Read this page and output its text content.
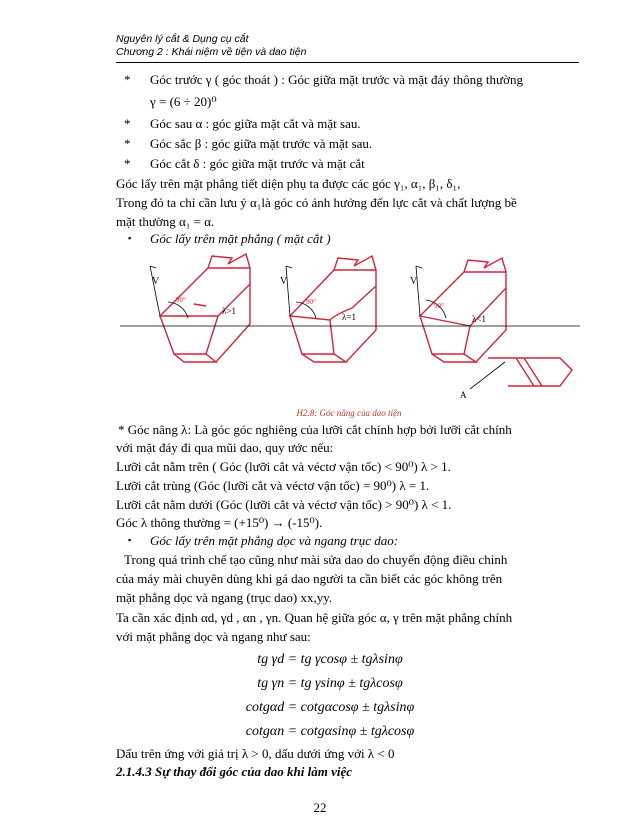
Nguyên lý cắt & Dụng cụ cắt
Chương 2 : Khái niệm về tiện và dao tiện
* Góc trước γ ( góc thoát ) : Góc giữa mặt trước và mặt đáy thông thường
γ = (6 ÷ 20)⁰
* Góc sau α : góc giữa mặt cắt và mặt sau.
* Góc sắc β : góc giữa mặt trước và mặt sau.
* Góc cắt δ : góc giữa mặt trước và mặt cắt
Góc lấy trên mặt phẳng tiết diện phụ ta được các góc γ₁, α₁, β₁, δ₁,
Trong đó ta chỉ cần lưu ý α₁là góc có ảnh hưởng đến lực cắt và chất lượng bề
mặt thường α₁ = α.
▪ Góc lấy trên mặt phẳng ( mặt cắt )
V	V	V
90°	90°	90°
λ>1
λ=1	λ<1
A
H2.8: Góc nâng của dao tiện
* Góc nâng λ: Là góc góc nghiêng của lưỡi cắt chính hợp bởi lưỡi cắt chính
với mặt đáy đi qua mũi dao, quy ước nếu:
Lưỡi cắt nằm trên ( Góc (lưỡi cắt và véctơ vận tốc) < 90⁰) λ > 1.
Lưỡi cắt trùng (Góc (lưỡi cắt và véctơ vận tốc) = 90⁰) λ = 1.
Lưỡi cắt nằm dưới (Góc (lưỡi cắt và véctơ vận tốc) > 90⁰) λ < 1.
Góc λ thông thường = (+15⁰) → (-15⁰).
▪ Góc lấy trên mặt phẳng dọc và ngang trục dao:
Trong quá trình chế tạo cũng như mài sửa dao do chuyển động điều chỉnh
của máy mài chuyên dùng khi gá dao người ta cần biết các góc không trên
mặt phẳng dọc và ngang (trục dao) xx,yy.
Ta cần xác định αd, γd , αn , γn. Quan hệ giữa góc α, γ trên mặt phẳng chính
với mặt phẳng dọc và ngang như sau:
tg γd = tg γcosφ ± tgλsinφ
tg γn = tg γsinφ ± tgλcosφ
cotgαd = cotgαcosφ ± tgλsinφ
cotgαn = cotgαsinφ ± tgλcosφ
Dấu trên ứng với giá trị λ > 0, dấu dưới ứng với λ < 0
2.1.4.3 Sự thay đổi góc của dao khi làm việc
22
